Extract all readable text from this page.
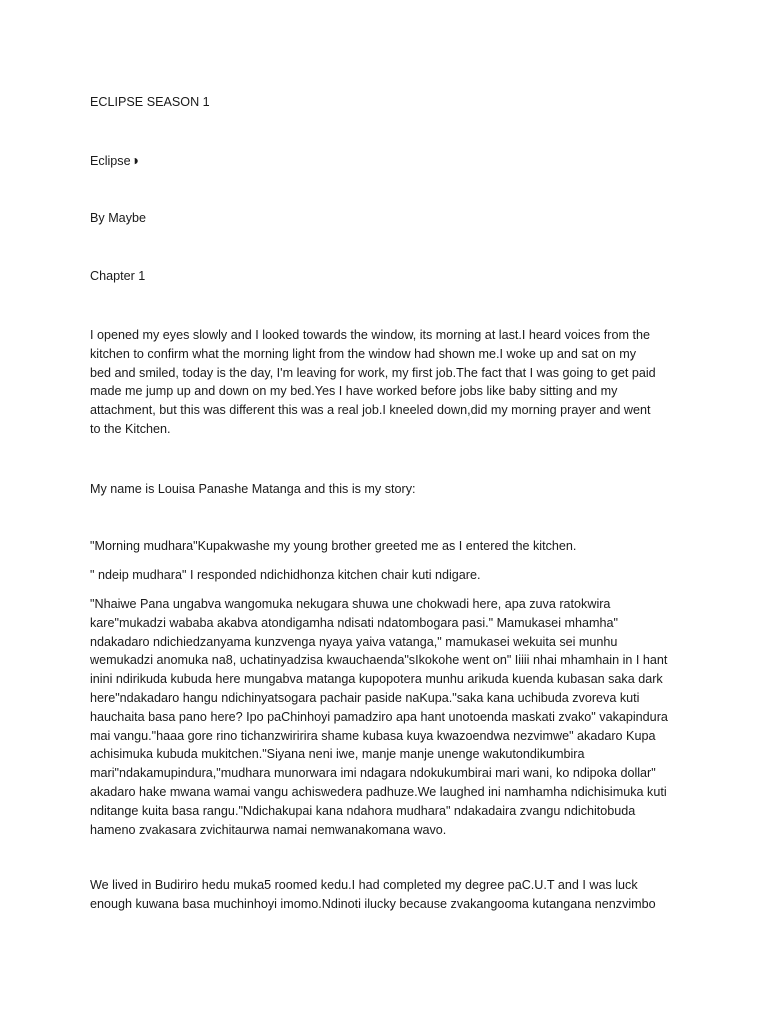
ECLIPSE SEASON 1

Eclipse◑

By Maybe

Chapter 1

I opened my eyes slowly and I looked towards the window, its morning at last.I heard voices from the
kitchen to confirm what the morning light from the window had shown me.I woke up and sat on my
bed and smiled, today is the day, I'm leaving for work, my first job.The fact that I was going to get paid
made me jump up and down on my bed.Yes I have worked before jobs like baby sitting and my
attachment, but this was different this was a real job.I kneeled down,did my morning prayer and went
to the Kitchen.

My name is Louisa Panashe Matanga and this is my story:

"Morning mudhara"Kupakwashe my young brother greeted me as I entered the kitchen.

" ndeip mudhara" I responded ndichidhonza kitchen chair kuti ndigare.

"Nhaiwe Pana ungabva wangomuka nekugara shuwa une chokwadi here, apa zuva ratokwira
kare"mukadzi wababa akabva atondigamha ndisati ndatombogara pasi." Mamukasei mhamha"
ndakadaro ndichiedzanyama kunzvenga nyaya yaiva vatanga," mamukasei wekuita sei munhu
wemukadzi anomuka na8, uchatinyadzisa kwauchaenda"sIkokohe went on" Iiiii nhai mhamhain in I hant
inini ndirikuda kubuda here mungabva matanga kupopotera munhu arikuda kuenda kubasan saka dark
here"ndakadaro hangu ndichinyatsogara pachair paside naKupa."saka kana uchibuda zvoreva kuti
hauchaita basa pano here? Ipo paChinhoyi pamadziro apa hant unotoenda maskati zvako" vakapindura
mai vangu."haaa gore rino tichanzwiririra shame kubasa kuya kwazoendwa nezvimwe" akadaro Kupa
achisimuka kubuda mukitchen."Siyana neni iwe, manje manje unenge wakutondikumbira
mari"ndakamupindura,"mudhara munorwara imi ndagara ndokukumbirai mari wani, ko ndipoka dollar"
akadaro hake mwana wamai vangu achiswedera padhuze.We laughed ini namhamha ndichisimuka kuti
nditange kuita basa rangu."Ndichakupai kana ndahora mudhara" ndakadaira zvangu ndichitobuda
hameno zvakasara zvichitaurwa namai nemwanakomana wavo.

We lived in Budiriro hedu muka5 roomed kedu.I had completed my degree paC.U.T and I was luck
enough kuwana basa muchinhoyi imomo.Ndinoti ilucky because zvakangooma kutangana nenzvimbo
